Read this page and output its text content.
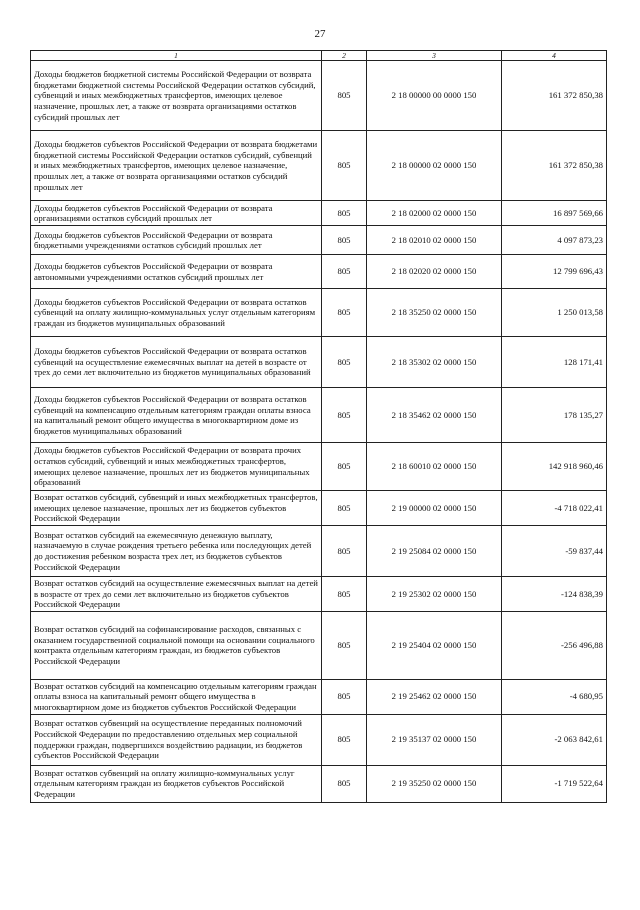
27
1	2	3	4
Доходы бюджетов бюджетной системы Российской Федерации от возврата бюджетами бюджетной системы Российской Федерации остатков субсидий, субвенций и иных межбюджетных трансфертов, имеющих целевое назначение, прошлых лет, а также от возврата организациями остатков субсидий прошлых лет	805	2 18 00000 00 0000 150	161 372 850,38
Доходы бюджетов субъектов Российской Федерации от возврата бюджетами бюджетной системы Российской Федерации остатков субсидий, субвенций и иных межбюджетных трансфертов, имеющих целевое назначение, прошлых лет, а также от возврата организациями остатков субсидий прошлых лет	805	2 18 00000 02 0000 150	161 372 850,38
Доходы бюджетов субъектов Российской Федерации от возврата организациями остатков субсидий прошлых лет	805	2 18 02000 02 0000 150	16 897 569,66
Доходы бюджетов субъектов Российской Федерации от возврата бюджетными учреждениями остатков субсидий прошлых лет	805	2 18 02010 02 0000 150	4 097 873,23
Доходы бюджетов субъектов Российской Федерации от возврата автономными учреждениями остатков субсидий прошлых лет	805	2 18 02020 02 0000 150	12 799 696,43
Доходы бюджетов субъектов Российской Федерации от возврата остатков субвенций на оплату жилищно-коммунальных услуг отдельным категориям граждан из бюджетов муниципальных образований	805	2 18 35250 02 0000 150	1 250 013,58
Доходы бюджетов субъектов Российской Федерации от возврата остатков субвенций на осуществление ежемесячных выплат на детей в возрасте от трех до семи лет включительно из бюджетов муниципальных образований	805	2 18 35302 02 0000 150	128 171,41
Доходы бюджетов субъектов Российской Федерации от возврата остатков субвенций на компенсацию отдельным категориям граждан оплаты взноса на капитальный ремонт общего имущества в многоквартирном доме из бюджетов муниципальных образований	805	2 18 35462 02 0000 150	178 135,27
Доходы бюджетов субъектов Российской Федерации от возврата прочих остатков субсидий, субвенций и иных межбюджетных трансфертов, имеющих целевое назначение, прошлых лет из бюджетов муниципальных образований	805	2 18 60010 02 0000 150	142 918 960,46
Возврат остатков субсидий, субвенций и иных межбюджетных трансфертов, имеющих целевое назначение, прошлых лет из бюджетов субъектов Российской Федерации	805	2 19 00000 02 0000 150	-4 718 022,41
Возврат остатков субсидий на ежемесячную денежную выплату, назначаемую в случае рождения третьего ребенка или последующих детей до достижения ребенком возраста трех лет, из бюджетов субъектов Российской Федерации	805	2 19 25084 02 0000 150	-59 837,44
Возврат остатков субсидий на осуществление ежемесячных выплат на детей в возрасте от трех до семи лет включительно из бюджетов субъектов Российской Федерации	805	2 19 25302 02 0000 150	-124 838,39
Возврат остатков субсидий на софинансирование расходов, связанных с оказанием государственной социальной помощи на основании социального контракта отдельным категориям граждан, из бюджетов субъектов Российской Федерации	805	2 19 25404 02 0000 150	-256 496,88
Возврат остатков субсидий на компенсацию отдельным категориям граждан оплаты взноса на капитальный ремонт общего имущества в многоквартирном доме из бюджетов субъектов Российской Федерации	805	2 19 25462 02 0000 150	-4 680,95
Возврат остатков субвенций на осуществление переданных полномочий Российской Федерации по предоставлению отдельных мер социальной поддержки граждан, подвергшихся воздействию радиации, из бюджетов субъектов Российской Федерации	805	2 19 35137 02 0000 150	-2 063 842,61
Возврат остатков субвенций на оплату жилищно-коммунальных услуг отдельным категориям граждан из бюджетов субъектов Российской Федерации	805	2 19 35250 02 0000 150	-1 719 522,64
